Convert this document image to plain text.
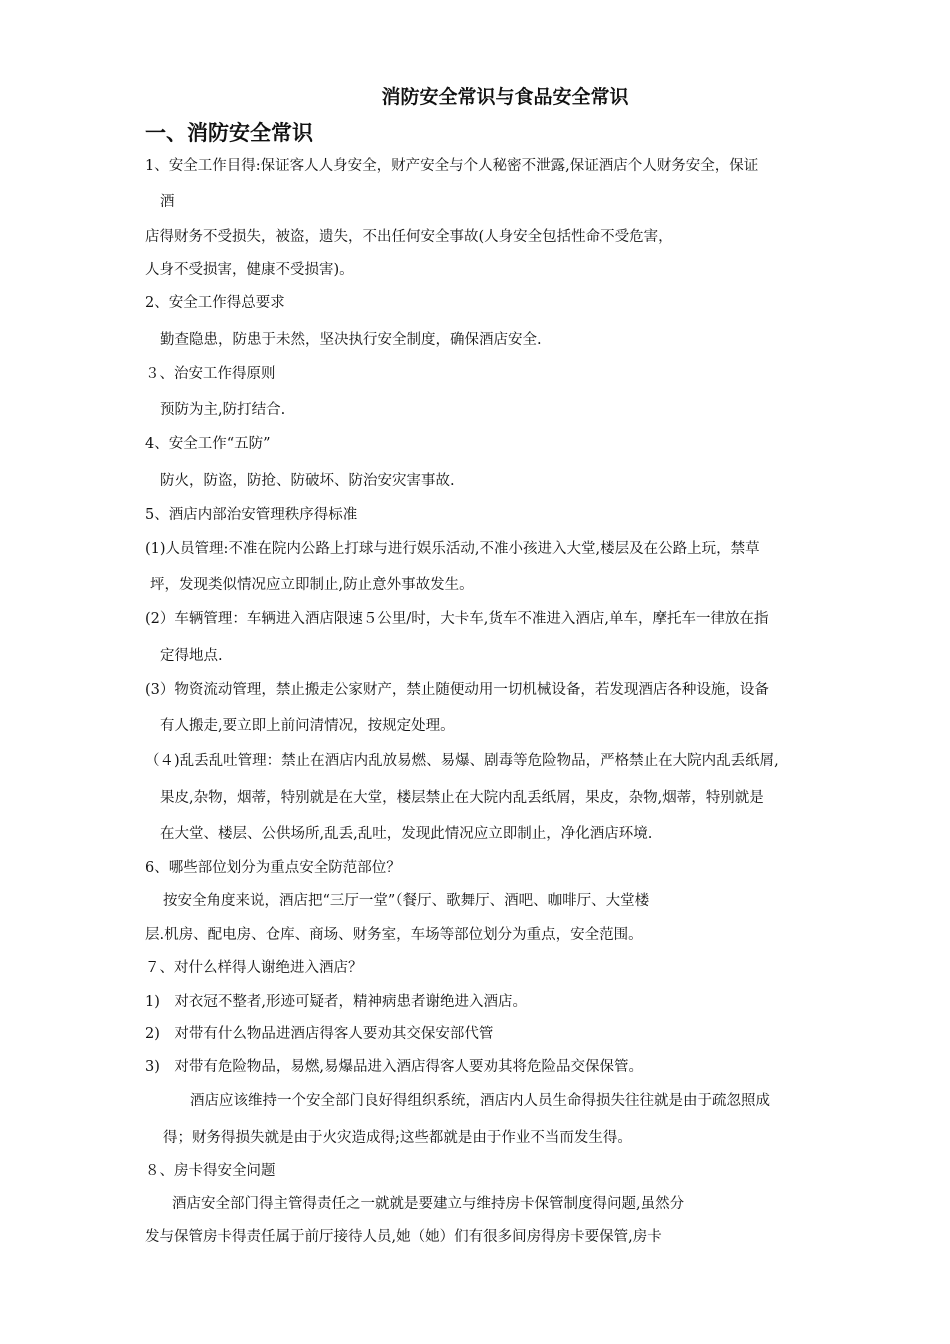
消防安全常识与食品安全常识
一、消防安全常识
1、安全工作目得:保证客人人身安全，财产安全与个人秘密不泄露,保证酒店个人财务安全，保证
酒
店得财务不受损失，被盗，遗失，不出任何安全事故(人身安全包括性命不受危害，
人身不受损害，健康不受损害)。
2、安全工作得总要求
勤查隐患，防患于未然，坚决执行安全制度，确保酒店安全.
３、治安工作得原则
预防为主,防打结合.
4、安全工作“五防”
防火，防盗，防抢、防破坏、防治安灾害事故.
5、酒店内部治安管理秩序得标准
(1)人员管理:不准在院内公路上打球与进行娱乐活动,不准小孩进入大堂,楼层及在公路上玩，禁草
坪，发现类似情况应立即制止,防止意外事故发生。
(2）车辆管理：车辆进入酒店限速５公里/时，大卡车,货车不准进入酒店,单车，摩托车一律放在指
定得地点.
(3）物资流动管理，禁止搬走公家财产，禁止随便动用一切机械设备，若发现酒店各种设施，设备
有人搬走,要立即上前问清情况，按规定处理。
（４)乱丢乱吐管理：禁止在酒店内乱放易燃、易爆、剧毒等危险物品，严格禁止在大院内乱丢纸屑,
果皮,杂物，烟蒂，特别就是在大堂，楼层禁止在大院内乱丢纸屑，果皮，杂物,烟蒂，特别就是
在大堂、楼层、公供场所,乱丢,乱吐，发现此情况应立即制止，净化酒店环境.
6、哪些部位划分为重点安全防范部位？
按安全角度来说，酒店把“三厅一堂”（餐厅、歌舞厅、酒吧、咖啡厅、大堂楼
层.机房、配电房、仓库、商场、财务室，车场等部位划分为重点，安全范围。
７、对什么样得人谢绝进入酒店？
1)　对衣冠不整者,形迹可疑者，精神病患者谢绝进入酒店。
2)　对带有什么物品进酒店得客人要劝其交保安部代管
3)　对带有危险物品，易燃,易爆品进入酒店得客人要劝其将危险品交保保管。
酒店应该维持一个安全部门良好得组织系统，酒店内人员生命得损失往往就是由于疏忽照成
得；财务得损失就是由于火灾造成得;这些都就是由于作业不当而发生得。
８、房卡得安全问题
酒店安全部门得主管得责任之一就就是要建立与维持房卡保管制度得问题,虽然分
发与保管房卡得责任属于前厅接待人员,她（她）们有很多间房得房卡要保管,房卡
